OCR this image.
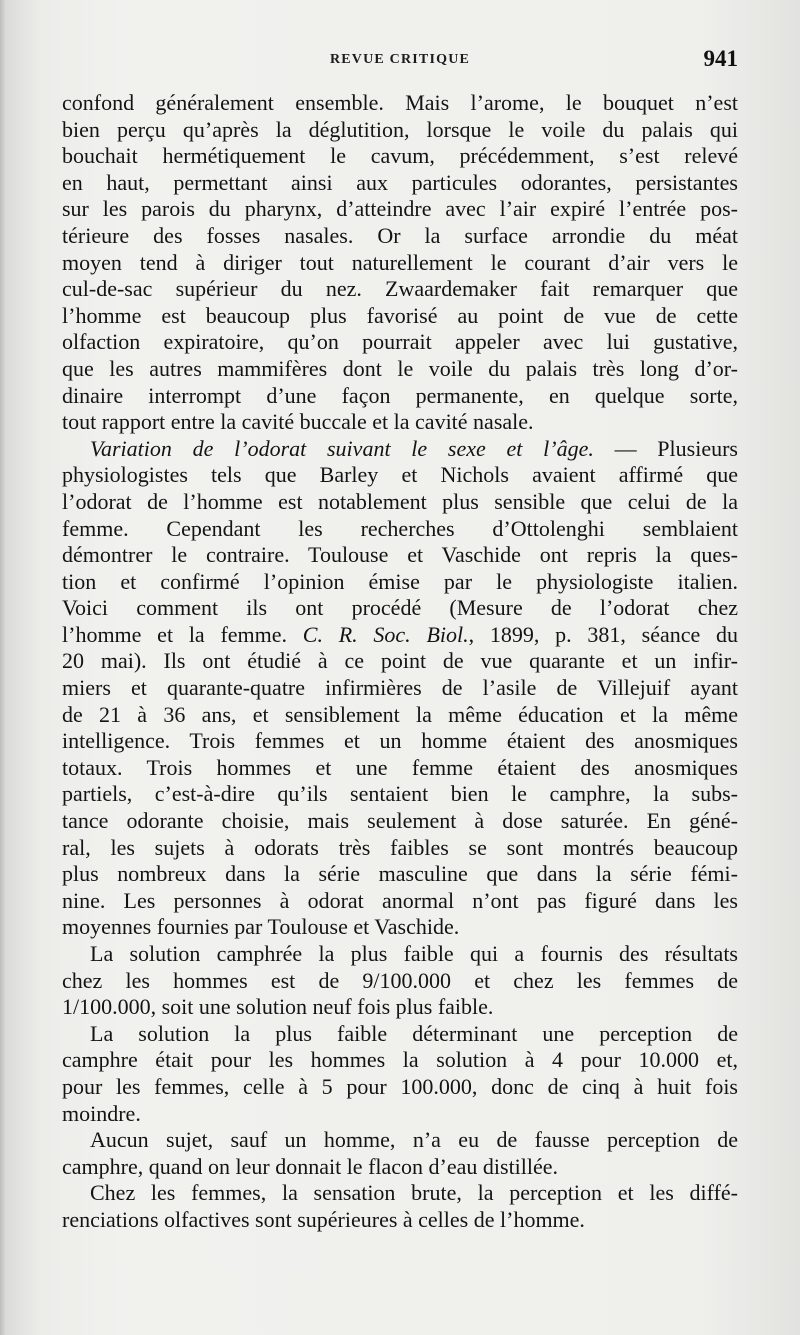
REVUE CRITIQUE	941
confond généralement ensemble. Mais l’arome, le bouquet n’est
bien perçu qu’après la déglutition, lorsque le voile du palais qui
bouchait hermétiquement le cavum, précédemment, s’est relevé
en haut, permettant ainsi aux particules odorantes, persistantes
sur les parois du pharynx, d’atteindre avec l’air expiré l’entrée pos-
térieure des fosses nasales. Or la surface arrondie du méat
moyen tend à diriger tout naturellement le courant d’air vers le
cul-de-sac supérieur du nez. Zwaardemaker fait remarquer que
l’homme est beaucoup plus favorisé au point de vue de cette
olfaction expiratoire, qu’on pourrait appeler avec lui gustative,
que les autres mammifères dont le voile du palais très long d’or-
dinaire interrompt d’une façon permanente, en quelque sorte,
tout rapport entre la cavité buccale et la cavité nasale.
Variation de l’odorat suivant le sexe et l’âge. — Plusieurs
physiologistes tels que Barley et Nichols avaient affirmé que
l’odorat de l’homme est notablement plus sensible que celui de la
femme. Cependant les recherches d’Ottolenghi semblaient
démontrer le contraire. Toulouse et Vaschide ont repris la ques-
tion et confirmé l’opinion émise par le physiologiste italien.
Voici comment ils ont procédé (Mesure de l’odorat chez
l’homme et la femme. C. R. Soc. Biol., 1899, p. 381, séance du
20 mai). Ils ont étudié à ce point de vue quarante et un infir-
miers et quarante-quatre infirmières de l’asile de Villejuif ayant
de 21 à 36 ans, et sensiblement la même éducation et la même
intelligence. Trois femmes et un homme étaient des anosmiques
totaux. Trois hommes et une femme étaient des anosmiques
partiels, c’est-à-dire qu’ils sentaient bien le camphre, la subs-
tance odorante choisie, mais seulement à dose saturée. En géné-
ral, les sujets à odorats très faibles se sont montrés beaucoup
plus nombreux dans la série masculine que dans la série fémi-
nine. Les personnes à odorat anormal n’ont pas figuré dans les
moyennes fournies par Toulouse et Vaschide.
La solution camphrée la plus faible qui a fournis des résultats
chez les hommes est de 9/100.000 et chez les femmes de
1/100.000, soit une solution neuf fois plus faible.
La solution la plus faible déterminant une perception de
camphre était pour les hommes la solution à 4 pour 10.000 et,
pour les femmes, celle à 5 pour 100.000, donc de cinq à huit fois
moindre.
Aucun sujet, sauf un homme, n’a eu de fausse perception de
camphre, quand on leur donnait le flacon d’eau distillée.
Chez les femmes, la sensation brute, la perception et les diffé-
renciations olfactives sont supérieures à celles de l’homme.
